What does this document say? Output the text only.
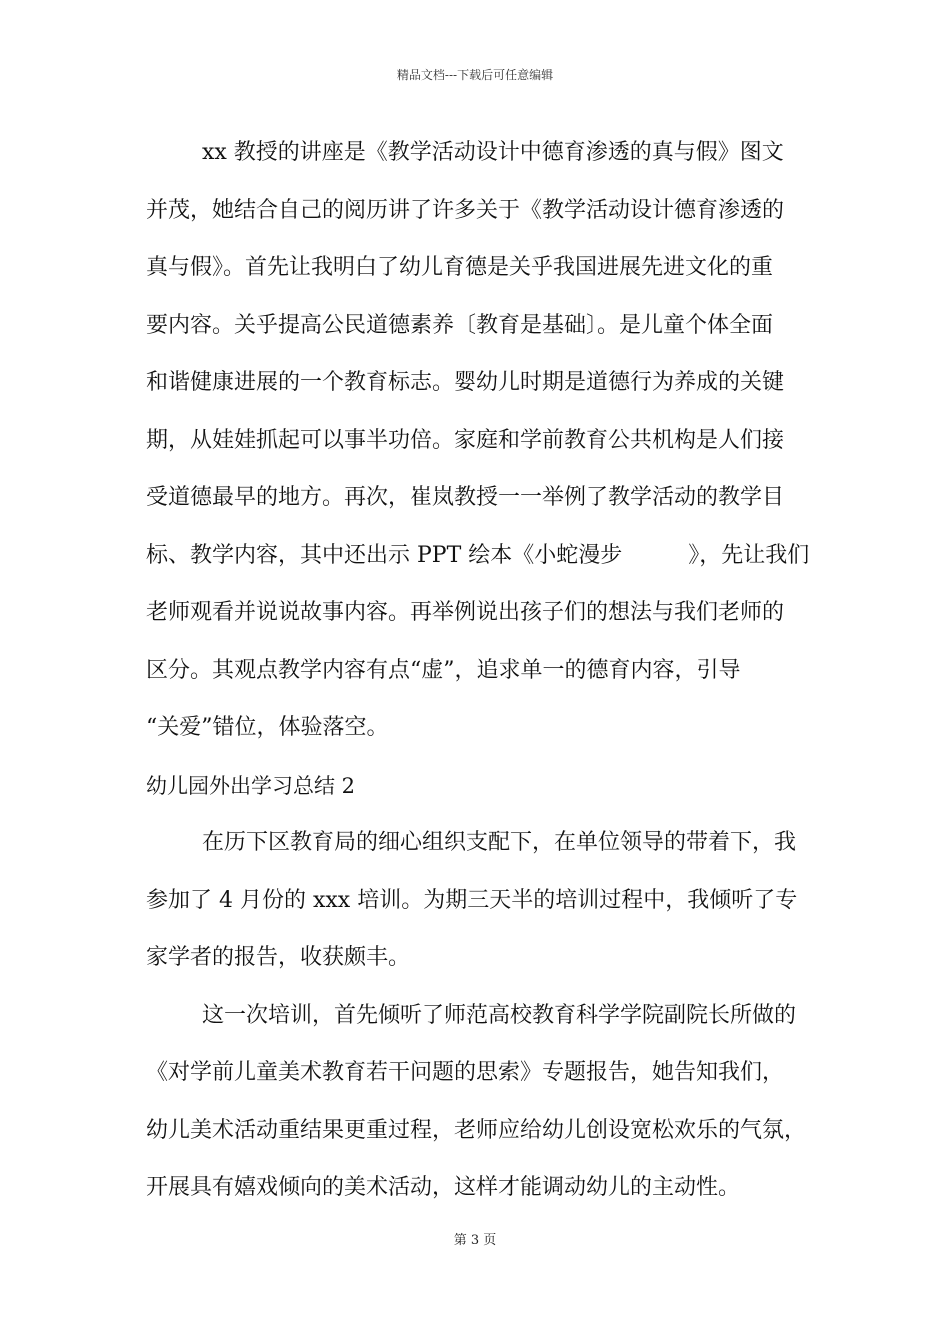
精品文档---下载后可任意编辑
xx 教授的讲座是《教学活动设计中德育渗透的真与假》图文
并茂，她结合自己的阅历讲了许多关于《教学活动设计德育渗透的
真与假》。首先让我明白了幼儿育德是关乎我国进展先进文化的重
要内容。关乎提高公民道德素养〔教育是基础〕。是儿童个体全面
和谐健康进展的一个教育标志。婴幼儿时期是道德行为养成的关键
期，从娃娃抓起可以事半功倍。家庭和学前教育公共机构是人们接
受道德最早的地方。再次，崔岚教授一一举例了教学活动的教学目
标、教学内容，其中还出示 PPT 绘本《小蛇漫步　　　》，先让我们
老师观看并说说故事内容。再举例说出孩子们的想法与我们老师的
区分。其观点教学内容有点“虚”，追求单一的德育内容，引导
“关爱”错位，体验落空。
幼儿园外出学习总结 2
在历下区教育局的细心组织支配下，在单位领导的带着下，我
参加了 4 月份的 xxx 培训。为期三天半的培训过程中，我倾听了专
家学者的报告，收获颇丰。
这一次培训，首先倾听了师范高校教育科学学院副院长所做的
《对学前儿童美术教育若干问题的思索》专题报告，她告知我们，
幼儿美术活动重结果更重过程，老师应给幼儿创设宽松欢乐的气氛，
开展具有嬉戏倾向的美术活动，这样才能调动幼儿的主动性。
第 3 页
